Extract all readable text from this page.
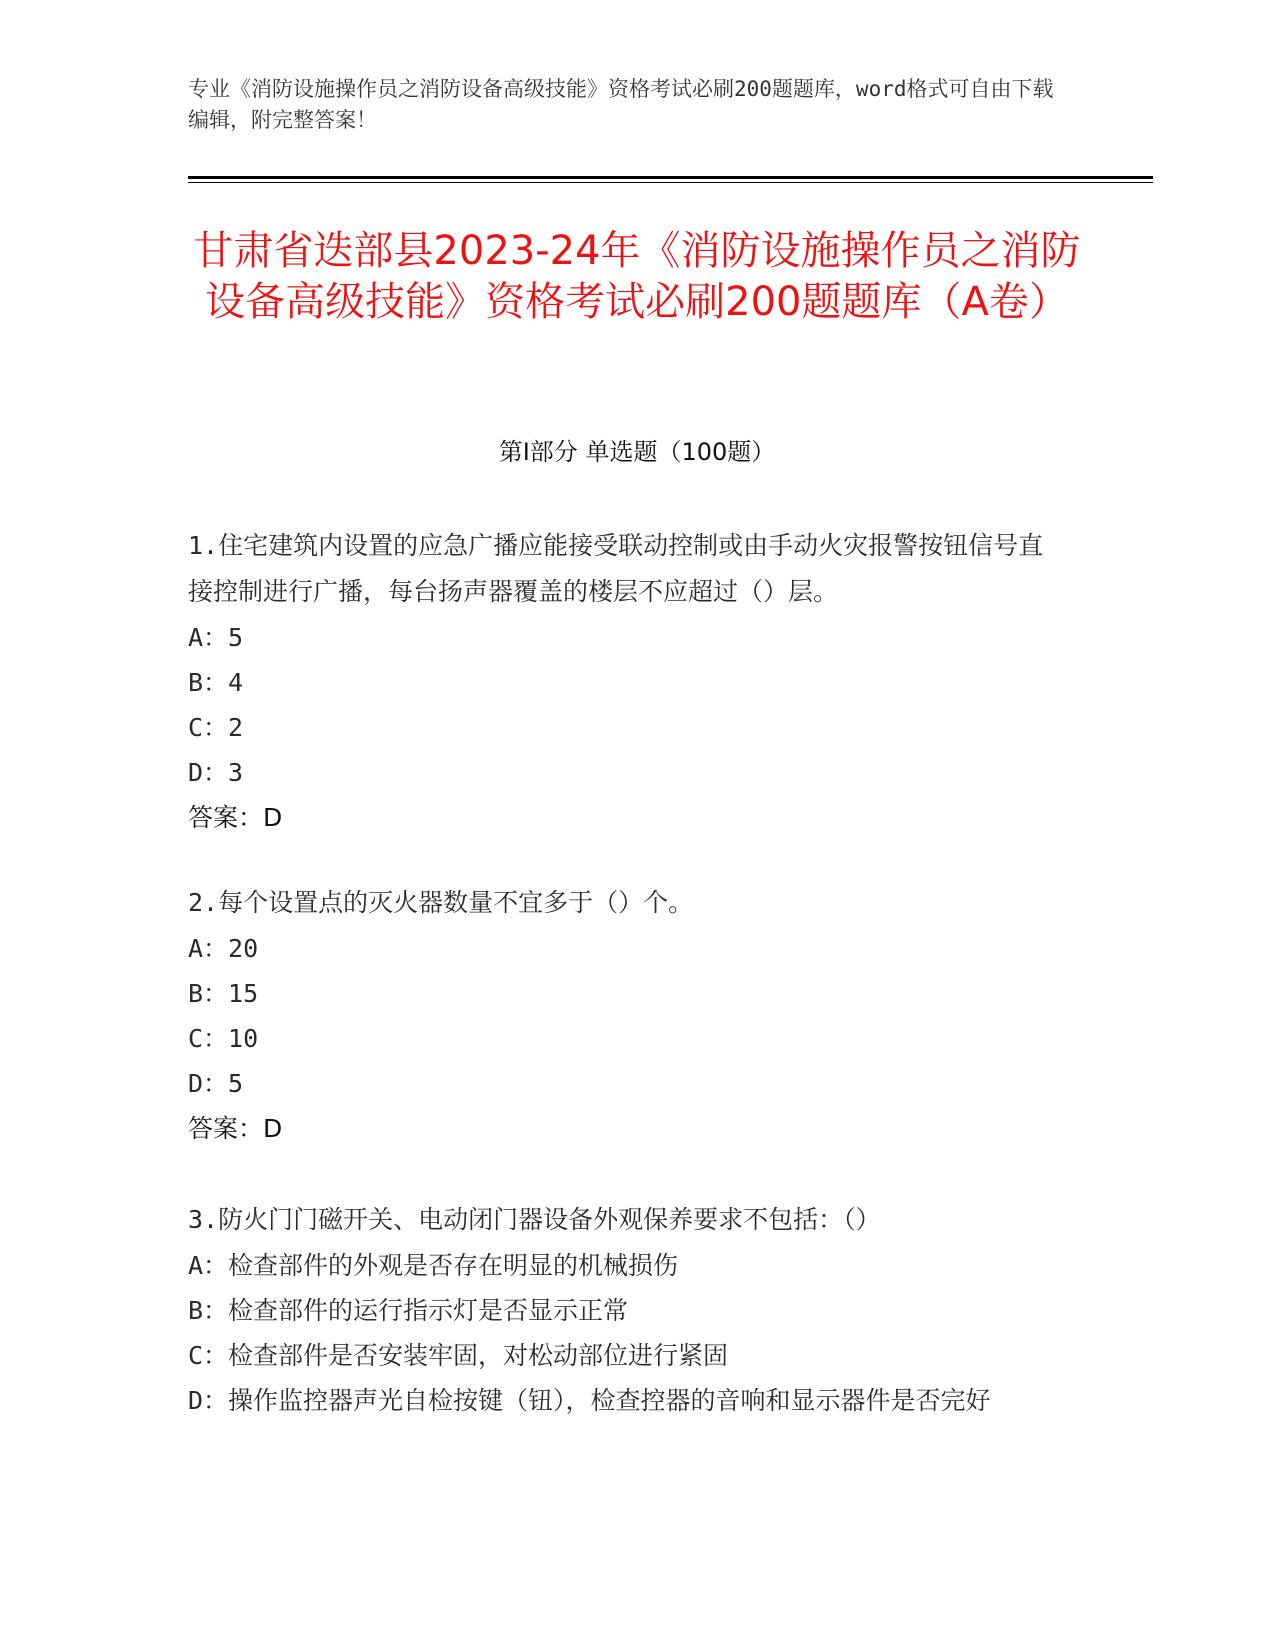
专业《消防设施操作员之消防设备高级技能》资格考试必刷200题题库，word格式可自由下载编辑，附完整答案！
甘肃省迭部县2023-24年《消防设施操作员之消防设备高级技能》资格考试必刷200题题库（A卷）
第I部分 单选题（100题）

1.住宅建筑内设置的应急广播应能接受联动控制或由手动火灾报警按钮信号直接控制进行广播，每台扬声器覆盖的楼层不应超过（）层。

A：5

B：4

C：2

D：3

答案：D

2.每个设置点的灭火器数量不宜多于（）个。

A：20

B：15

C：10

D：5

答案：D

3.防火门门磁开关、电动闭门器设备外观保养要求不包括：（）

A：检查部件的外观是否存在明显的机械损伤

B：检查部件的运行指示灯是否显示正常

C：检查部件是否安装牢固，对松动部位进行紧固

D：操作监控器声光自检按键（钮），检查控器的音响和显示器件是否完好
